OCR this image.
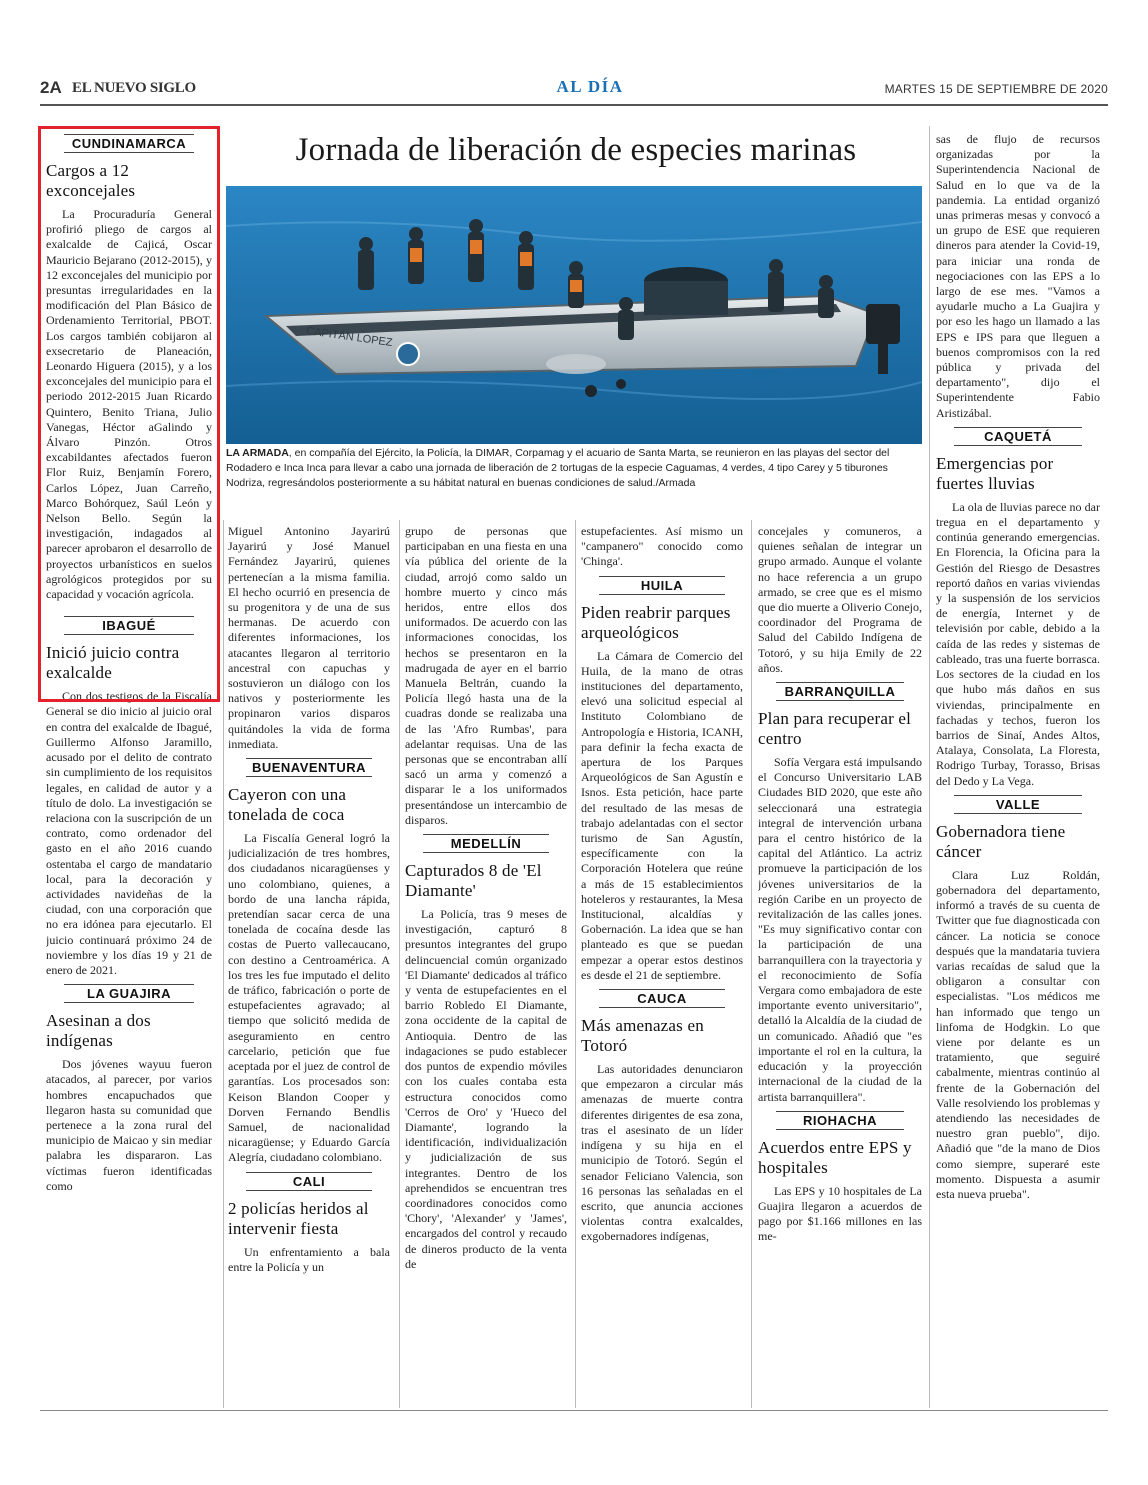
2A EL NUEVO SIGLO	AL DÍA	MARTES 15 DE SEPTIEMBRE DE 2020
CUNDINAMARCA
Cargos a 12 exconcejales

La Procuraduría General profirió pliego de cargos al exalcalde de Cajicá, Oscar Mauricio Bejarano (2012-2015), y 12 exconcejales del municipio por presuntas irregularidades en la modificación del Plan Básico de Ordenamiento Territorial, PBOT. Los cargos también cobijaron al exsecretario de Planeación, Leonardo Higuera (2015), y a los exconcejales del municipio para el periodo 2012-2015 Juan Ricardo Quintero, Benito Triana, Julio Vanegas, Héctor aGalindo y Álvaro Pinzón. Otros excabildantes afectados fueron Flor Ruiz, Benjamín Forero, Carlos López, Juan Carreño, Marco Bohórquez, Saúl León y Nelson Bello. Según la investigación, indagados al parecer aprobaron el desarrollo de proyectos urbanísticos en suelos agrológicos protegidos por su capacidad y vocación agrícola.

IBAGUÉ
Inició juicio contra exalcalde

Con dos testigos de la Fiscalía General se dio inicio al juicio oral en contra del exalcalde de Ibagué, Guillermo Alfonso Jaramillo, acusado por el delito de contrato sin cumplimiento de los requisitos legales, en calidad de autor y a título de dolo. La investigación se relaciona con la suscripción de un contrato, como ordenador del gasto en el año 2016 cuando ostentaba el cargo de mandatario local, para la decoración y actividades navideñas de la ciudad, con una corporación que no era idónea para ejecutarlo. El juicio continuará próximo 24 de noviembre y los días 19 y 21 de enero de 2021.

LA GUAJIRA
Asesinan a dos indígenas

Dos jóvenes wayuu fueron atacados, al parecer, por varios hombres encapuchados que llegaron hasta su comunidad que pertenece a la zona rural del municipio de Maicao y sin mediar palabra les dispararon. Las víctimas fueron identificadas como

Jornada de liberación de especies marinas
CAPITÁN LOPEZ
LA ARMADA, en compañía del Ejército, la Policía, la DIMAR, Corpamag y el acuario de Santa Marta, se reunieron en las playas del sector del Rodadero e Inca Inca para llevar a cabo una jornada de liberación de 2 tortugas de la especie Caguamas, 4 verdes, 4 tipo Carey y 5 tiburones Nodriza, regresándolos posteriormente a su hábitat natural en buenas condiciones de salud./Armada

Miguel Antonino Jayarirú Jayarirú y José Manuel Fernández Jayarirú, quienes pertenecían a la misma familia. El hecho ocurrió en presencia de su progenitora y de una de sus hermanas. De acuerdo con diferentes informaciones, los atacantes llegaron al territorio ancestral con capuchas y sostuvieron un diálogo con los nativos y posteriormente les propinaron varios disparos quitándoles la vida de forma inmediata.

BUENAVENTURA
Cayeron con una tonelada de coca

La Fiscalía General logró la judicialización de tres hombres, dos ciudadanos nicaragüenses y uno colombiano, quienes, a bordo de una lancha rápida, pretendían sacar cerca de una tonelada de cocaína desde las costas de Puerto vallecaucano, con destino a Centroamérica. A los tres les fue imputado el delito de tráfico, fabricación o porte de estupefacientes agravado; al tiempo que solicitó medida de aseguramiento en centro carcelario, petición que fue aceptada por el juez de control de garantías. Los procesados son: Keison Blandon Cooper y Dorven Fernando Bendlis Samuel, de nacionalidad nicaragüense; y Eduardo García Alegría, ciudadano colombiano.

CALI
2 policías heridos al intervenir fiesta

Un enfrentamiento a bala entre la Policía y un

grupo de personas que participaban en una fiesta en una vía pública del oriente de la ciudad, arrojó como saldo un hombre muerto y cinco más heridos, entre ellos dos uniformados. De acuerdo con las informaciones conocidas, los hechos se presentaron en la madrugada de ayer en el barrio Manuela Beltrán, cuando la Policía llegó hasta una de la cuadras donde se realizaba una de las 'Afro Rumbas', para adelantar requisas. Una de las personas que se encontraban allí sacó un arma y comenzó a disparar le a los uniformados presentándose un intercambio de disparos.

MEDELLÍN
Capturados 8 de 'El Diamante'

La Policía, tras 9 meses de investigación, capturó 8 presuntos integrantes del grupo delincuencial común organizado 'El Diamante' dedicados al tráfico y venta de estupefacientes en el barrio Robledo El Diamante, zona occidente de la capital de Antioquia. Dentro de las indagaciones se pudo establecer dos puntos de expendio móviles con los cuales contaba esta estructura conocidos como 'Cerros de Oro' y 'Hueco del Diamante', logrando la identificación, individualización y judicialización de sus integrantes. Dentro de los aprehendidos se encuentran tres coordinadores conocidos como 'Chory', 'Alexander' y 'James', encargados del control y recaudo de dineros producto de la venta de

estupefacientes. Así mismo un "campanero" conocido como 'Chinga'.

HUILA
Piden reabrir parques arqueológicos

La Cámara de Comercio del Huila, de la mano de otras instituciones del departamento, elevó una solicitud especial al Instituto Colombiano de Antropología e Historia, ICANH, para definir la fecha exacta de apertura de los Parques Arqueológicos de San Agustín e Isnos. Esta petición, hace parte del resultado de las mesas de trabajo adelantadas con el sector turismo de San Agustín, específicamente con la Corporación Hotelera que reúne a más de 15 establecimientos hoteleros y restaurantes, la Mesa Institucional, alcaldías y Gobernación. La idea que se han planteado es que se puedan empezar a operar estos destinos es desde el 21 de septiembre.

CAUCA
Más amenazas en Totoró

Las autoridades denunciaron que empezaron a circular más amenazas de muerte contra diferentes dirigentes de esa zona, tras el asesinato de un líder indígena y su hija en el municipio de Totoró. Según el senador Feliciano Valencia, son 16 personas las señaladas en el escrito, que anuncia acciones violentas contra exalcaldes, exgobernadores indígenas,

concejales y comuneros, a quienes señalan de integrar un grupo armado. Aunque el volante no hace referencia a un grupo armado, se cree que es el mismo que dio muerte a Oliverio Conejo, coordinador del Programa de Salud del Cabildo Indígena de Totoró, y su hija Emily de 22 años.

BARRANQUILLA
Plan para recuperar el centro

Sofía Vergara está impulsando el Concurso Universitario LAB Ciudades BID 2020, que este año seleccionará una estrategia integral de intervención urbana para el centro histórico de la capital del Atlántico. La actriz promueve la participación de los jóvenes universitarios de la región Caribe en un proyecto de revitalización de las calles jones. "Es muy significativo contar con la participación de una barranquillera con la trayectoria y el reconocimiento de Sofía Vergara como embajadora de este importante evento universitario", detalló la Alcaldía de la ciudad de un comunicado. Añadió que "es importante el rol en la cultura, la educación y la proyección internacional de la ciudad de la artista barranquillera".

RIOHACHA
Acuerdos entre EPS y hospitales

Las EPS y 10 hospitales de La Guajira llegaron a acuerdos de pago por $1.166 millones en las me-

sas de flujo de recursos organizadas por la Superintendencia Nacional de Salud en lo que va de la pandemia. La entidad organizó unas primeras mesas y convocó a un grupo de ESE que requieren dineros para atender la Covid-19, para iniciar una ronda de negociaciones con las EPS a lo largo de ese mes. "Vamos a ayudarle mucho a La Guajira y por eso les hago un llamado a las EPS e IPS para que lleguen a buenos compromisos con la red pública y privada del departamento", dijo el Superintendente Fabio Aristizábal.

CAQUETÁ
Emergencias por fuertes lluvias

La ola de lluvias parece no dar tregua en el departamento y continúa generando emergencias. En Florencia, la Oficina para la Gestión del Riesgo de Desastres reportó daños en varias viviendas y la suspensión de los servicios de energía, Internet y de televisión por cable, debido a la caída de las redes y sistemas de cableado, tras una fuerte borrasca. Los sectores de la ciudad en los que hubo más daños en sus viviendas, principalmente en fachadas y techos, fueron los barrios de Sinaí, Andes Altos, Atalaya, Consolata, La Floresta, Rodrigo Turbay, Torasso, Brisas del Dedo y La Vega.

VALLE
Gobernadora tiene cáncer

Clara Luz Roldán, gobernadora del departamento, informó a través de su cuenta de Twitter que fue diagnosticada con cáncer. La noticia se conoce después que la mandataria tuviera varias recaídas de salud que la obligaron a consultar con especialistas. "Los médicos me han informado que tengo un linfoma de Hodgkin. Lo que viene por delante es un tratamiento, que seguiré cabalmente, mientras continúo al frente de la Gobernación del Valle resolviendo los problemas y atendiendo las necesidades de nuestro gran pueblo", dijo. Añadió que "de la mano de Dios como siempre, superaré este momento. Dispuesta a asumir esta nueva prueba".
